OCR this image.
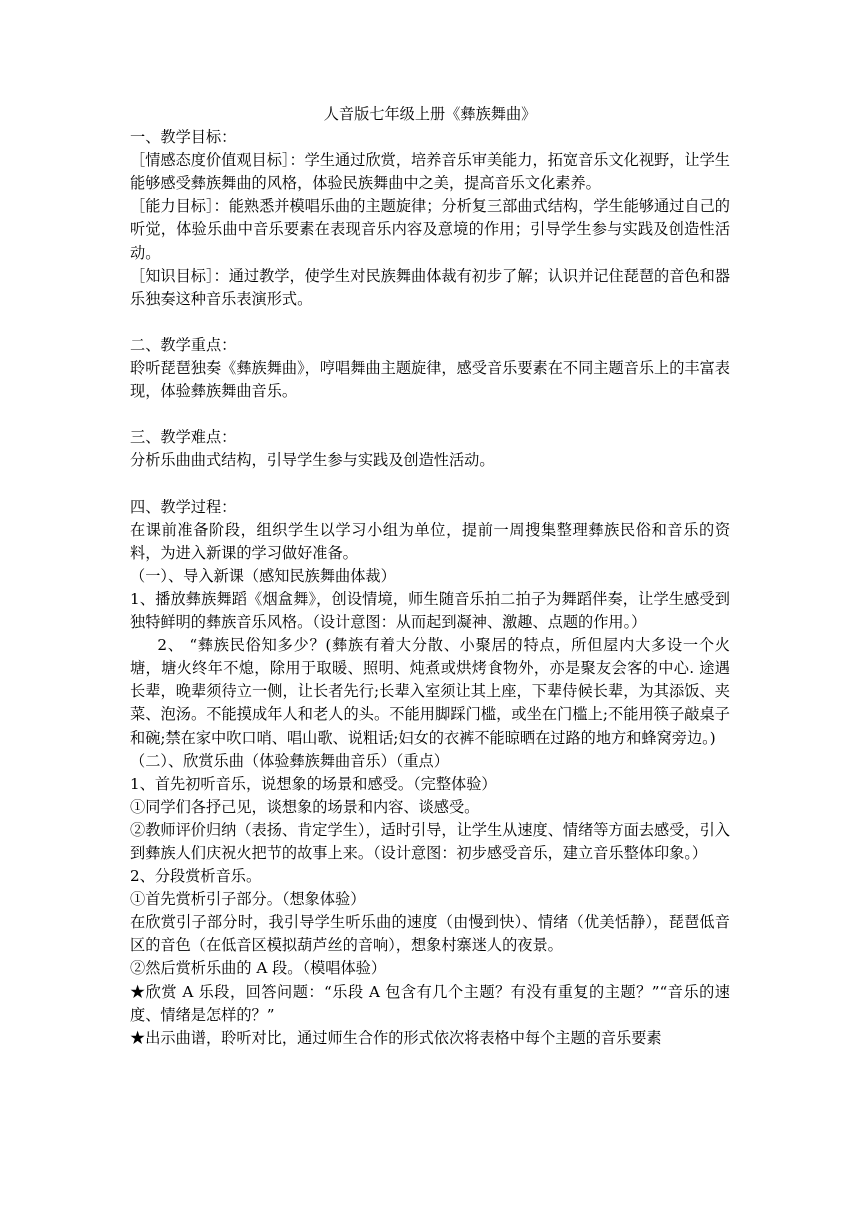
人音版七年级上册《彝族舞曲》

一、教学目标：

［情感态度价值观目标］：学生通过欣赏，培养音乐审美能力，拓宽音乐文化视野，让学生能够感受彝族舞曲的风格，体验民族舞曲中之美，提高音乐文化素养。

［能力目标］：能熟悉并模唱乐曲的主题旋律；分析复三部曲式结构，学生能够通过自己的听觉，体验乐曲中音乐要素在表现音乐内容及意境的作用；引导学生参与实践及创造性活动。

［知识目标］：通过教学，使学生对民族舞曲体裁有初步了解；认识并记住琵琶的音色和器乐独奏这种音乐表演形式。

二、教学重点：

聆听琵琶独奏《彝族舞曲》，哼唱舞曲主题旋律，感受音乐要素在不同主题音乐上的丰富表现，体验彝族舞曲音乐。

三、教学难点：

分析乐曲曲式结构，引导学生参与实践及创造性活动。

四、教学过程：

在课前准备阶段，组织学生以学习小组为单位，提前一周搜集整理彝族民俗和音乐的资料，为进入新课的学习做好准备。

（一）、导入新课（感知民族舞曲体裁）

1、播放彝族舞蹈《烟盒舞》，创设情境，师生随音乐拍二拍子为舞蹈伴奏，让学生感受到独特鲜明的彝族音乐风格。（设计意图：从而起到凝神、激趣、点题的作用。）

2、 “彝族民俗知多少？(彝族有着大分散、小聚居的特点，所但屋内大多设一个火塘，塘火终年不熄，除用于取暖、照明、炖煮或烘烤食物外，亦是聚友会客的中心. 途遇长辈，晚辈须待立一侧，让长者先行;长辈入室须让其上座，下辈侍候长辈，为其添饭、夹菜、泡汤。不能摸成年人和老人的头。不能用脚踩门槛，或坐在门槛上;不能用筷子敲桌子和碗;禁在家中吹口哨、唱山歌、说粗话;妇女的衣裤不能晾晒在过路的地方和蜂窝旁边。)

（二）、欣赏乐曲（体验彝族舞曲音乐）（重点）

1、首先初听音乐，说想象的场景和感受。（完整体验）

①同学们各抒己见，谈想象的场景和内容、谈感受。

②教师评价归纳（表扬、肯定学生），适时引导，让学生从速度、情绪等方面去感受，引入到彝族人们庆祝火把节的故事上来。（设计意图：初步感受音乐，建立音乐整体印象。）

2、分段赏析音乐。

①首先赏析引子部分。（想象体验）

在欣赏引子部分时，我引导学生听乐曲的速度（由慢到快）、情绪（优美恬静），琵琶低音区的音色（在低音区模拟葫芦丝的音响），想象村寨迷人的夜景。

②然后赏析乐曲的 A 段。（模唱体验）

★欣赏 A 乐段，回答问题：“乐段 A 包含有几个主题？有没有重复的主题？”“音乐的速度、情绪是怎样的？”

★出示曲谱，聆听对比，通过师生合作的形式依次将表格中每个主题的音乐要素
